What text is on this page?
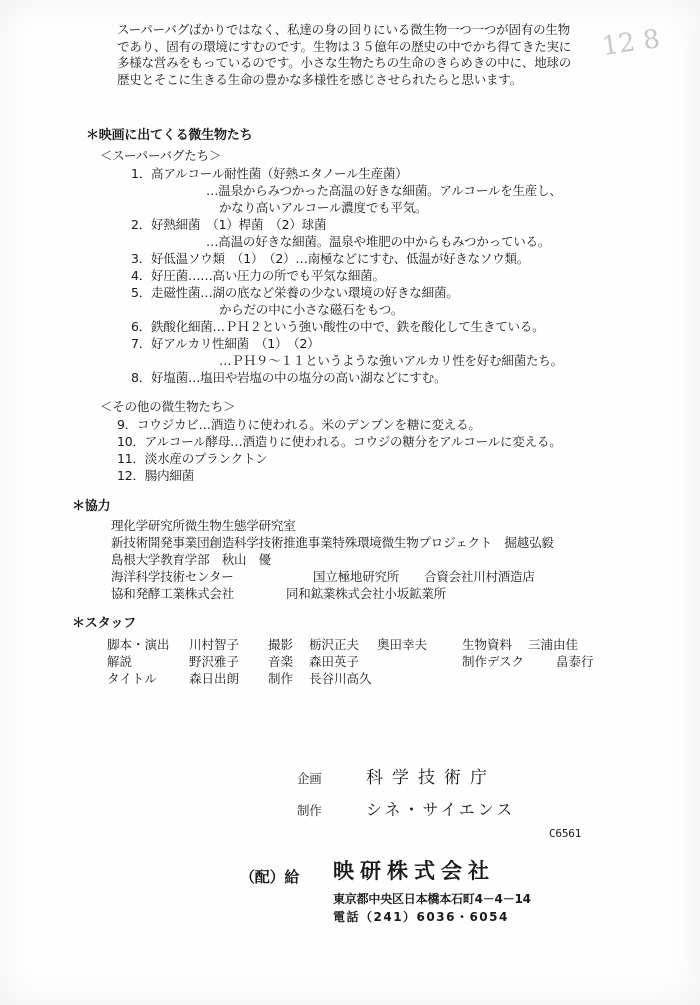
12 8
スーパーバグばかりではなく、私達の身の回りにいる微生物一つ一つが固有の生物
であり、固有の環境にすむのです。生物は３５億年の歴史の中でかち得てきた実に
多様な営みをもっているのです。小さな生物たちの生命のきらめきの中に、地球の
歴史とそこに生きる生命の豊かな多様性を感じさせられたらと思います。
＊映画に出てくる微生物たち
＜スーパーバグたち＞
1．高アルコール耐性菌（好熱エタノール生産菌）
…温泉からみつかった高温の好きな細菌。アルコールを生産し、
かなり高いアルコール濃度でも平気。
2．好熱細菌　（1）桿菌　（2）球菌
…高温の好きな細菌。温泉や堆肥の中からもみつかっている。
3．好低温ソウ類　（1）　（2）…南極などにすむ、低温が好きなソウ類。
4．好圧菌……高い圧力の所でも平気な細菌。
5．走磁性菌…湖の底など栄養の少ない環境の好きな細菌。
からだの中に小さな磁石をもつ。
6．鉄酸化細菌…ＰＨ２という強い酸性の中で、鉄を酸化して生きている。
7．好アルカリ性細菌　（1）　（2）
…ＰＨ９～１１というような強いアルカリ性を好む細菌たち。
8．好塩菌…塩田や岩塩の中の塩分の高い湖などにすむ。
＜その他の微生物たち＞
9．コウジカビ…酒造りに使われる。米のデンプンを糖に変える。
10．アルコール酵母…酒造りに使われる。コウジの糖分をアルコールに変える。
11．淡水産のプランクトン
12．腸内細菌
＊協力
理化学研究所微生物生態学研究室
新技術開発事業団創造科学技術推進事業特殊環境微生物プロジェクト　掘越弘毅
島根大学教育学部　秋山　優
海洋科学技術センター	国立極地研究所 合資会社川村酒造店
協和発酵工業株式会社	同和鉱業株式会社小坂鉱業所
＊スタッフ
脚本・演出 川村智子 撮影 栃沢正夫 奥田幸夫	生物資料 三浦由佳
解説	野沢雅子 音楽 森田英子	制作デスク	畠泰行
タイトル	森日出朗 制作 長谷川高久
企画	科学技術庁
制作	シネ・サイエンス
C6561
（配）給 映研株式会社
東京都中央区日本橋本石町4－4－14
電話（241）6036・6054
